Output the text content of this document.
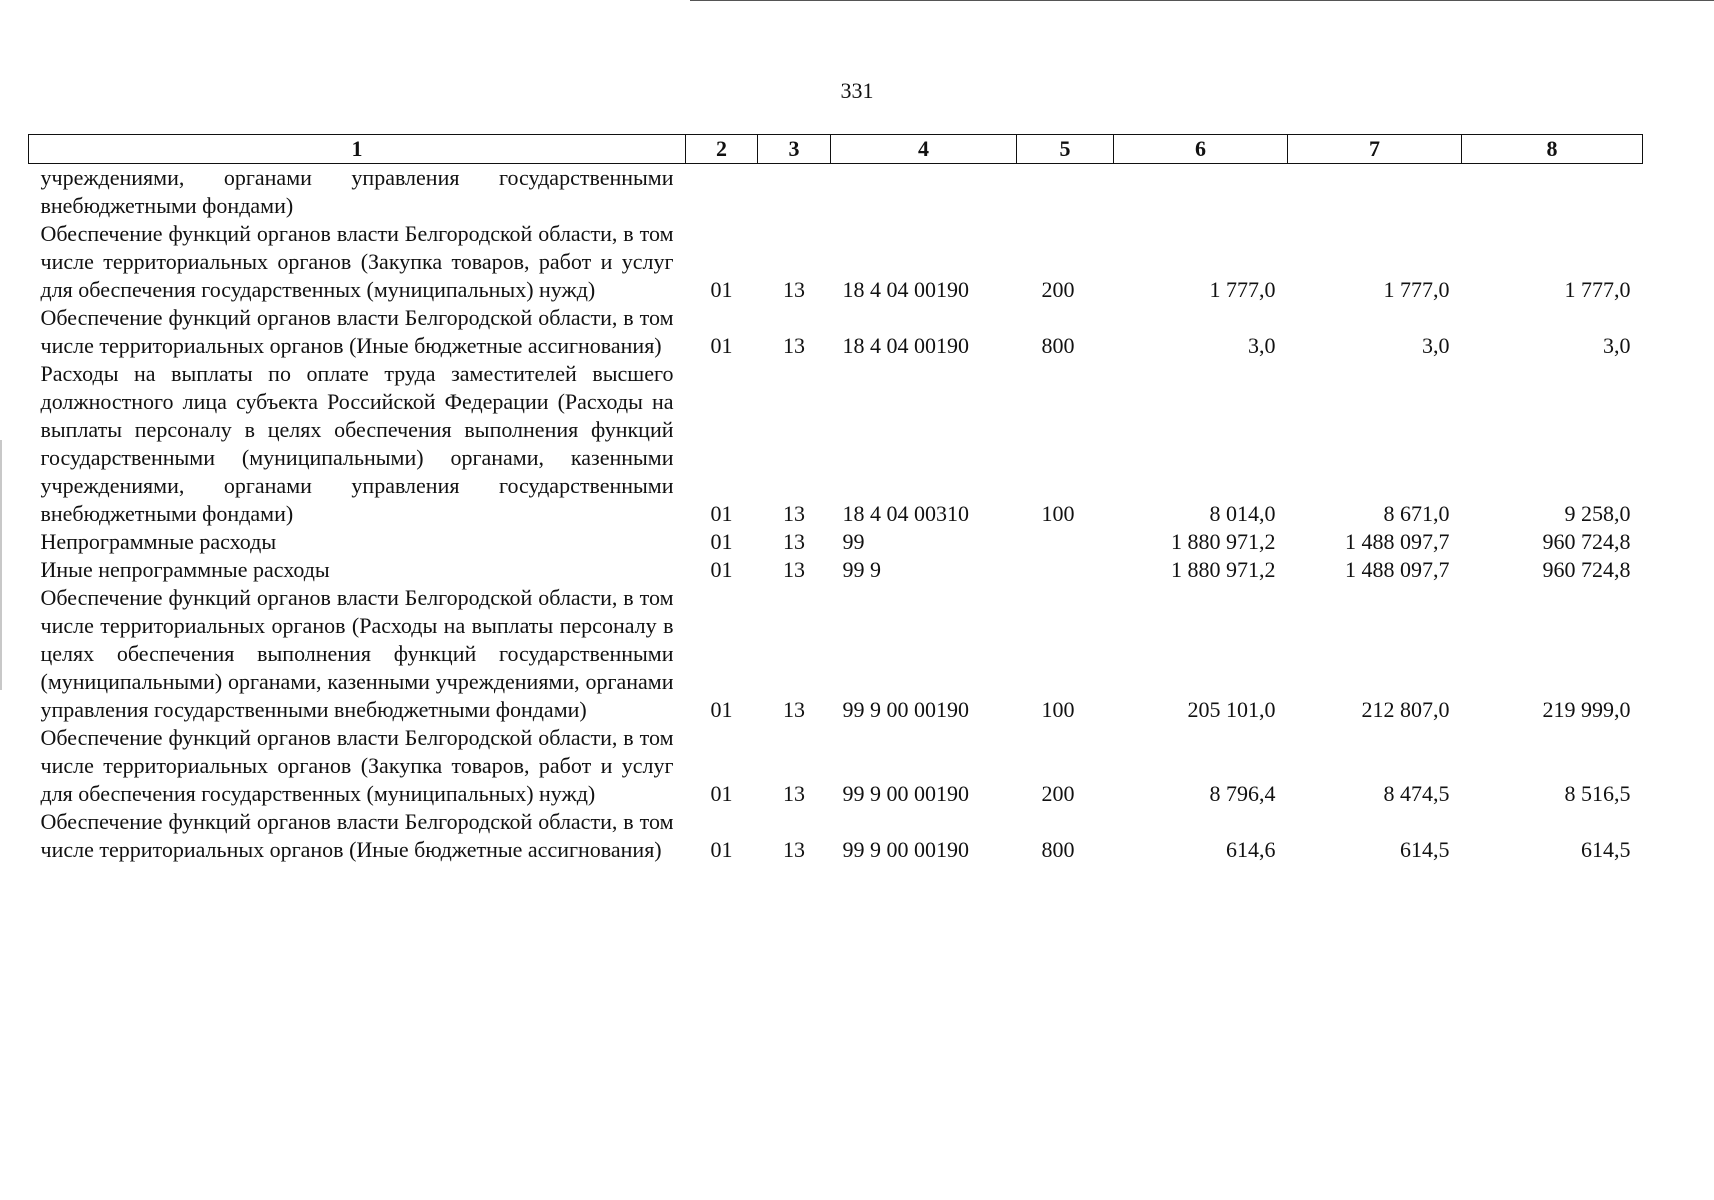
331
1	2	3	4	5	6	7	8
учреждениями, органами управления государственными внебюджетными фондами)							
Обеспечение функций органов власти Белгородской области, в том числе территориальных органов (Закупка товаров, работ и услуг для обеспечения государственных (муниципальных) нужд)	01	13	18 4 04 00190	200	1 777,0	1 777,0	1 777,0
Обеспечение функций органов власти Белгородской области, в том числе территориальных органов (Иные бюджетные ассигнования)	01	13	18 4 04 00190	800	3,0	3,0	3,0
Расходы на выплаты по оплате труда заместителей высшего должностного лица субъекта Российской Федерации (Расходы на выплаты персоналу в целях обеспечения выполнения функций государственными (муниципальными) органами, казенными учреждениями, органами управления государственными внебюджетными фондами)	01	13	18 4 04 00310	100	8 014,0	8 671,0	9 258,0
Непрограммные расходы	01	13	99		1 880 971,2	1 488 097,7	960 724,8
Иные непрограммные расходы	01	13	99 9		1 880 971,2	1 488 097,7	960 724,8
Обеспечение функций органов власти Белгородской области, в том числе территориальных органов (Расходы на выплаты персоналу в целях обеспечения выполнения функций государственными (муниципальными) органами, казенными учреждениями, органами управления государственными внебюджетными фондами)	01	13	99 9 00 00190	100	205 101,0	212 807,0	219 999,0
Обеспечение функций органов власти Белгородской области, в том числе территориальных органов (Закупка товаров, работ и услуг для обеспечения государственных (муниципальных) нужд)	01	13	99 9 00 00190	200	8 796,4	8 474,5	8 516,5
Обеспечение функций органов власти Белгородской области, в том числе территориальных органов (Иные бюджетные ассигнования)	01	13	99 9 00 00190	800	614,6	614,5	614,5
